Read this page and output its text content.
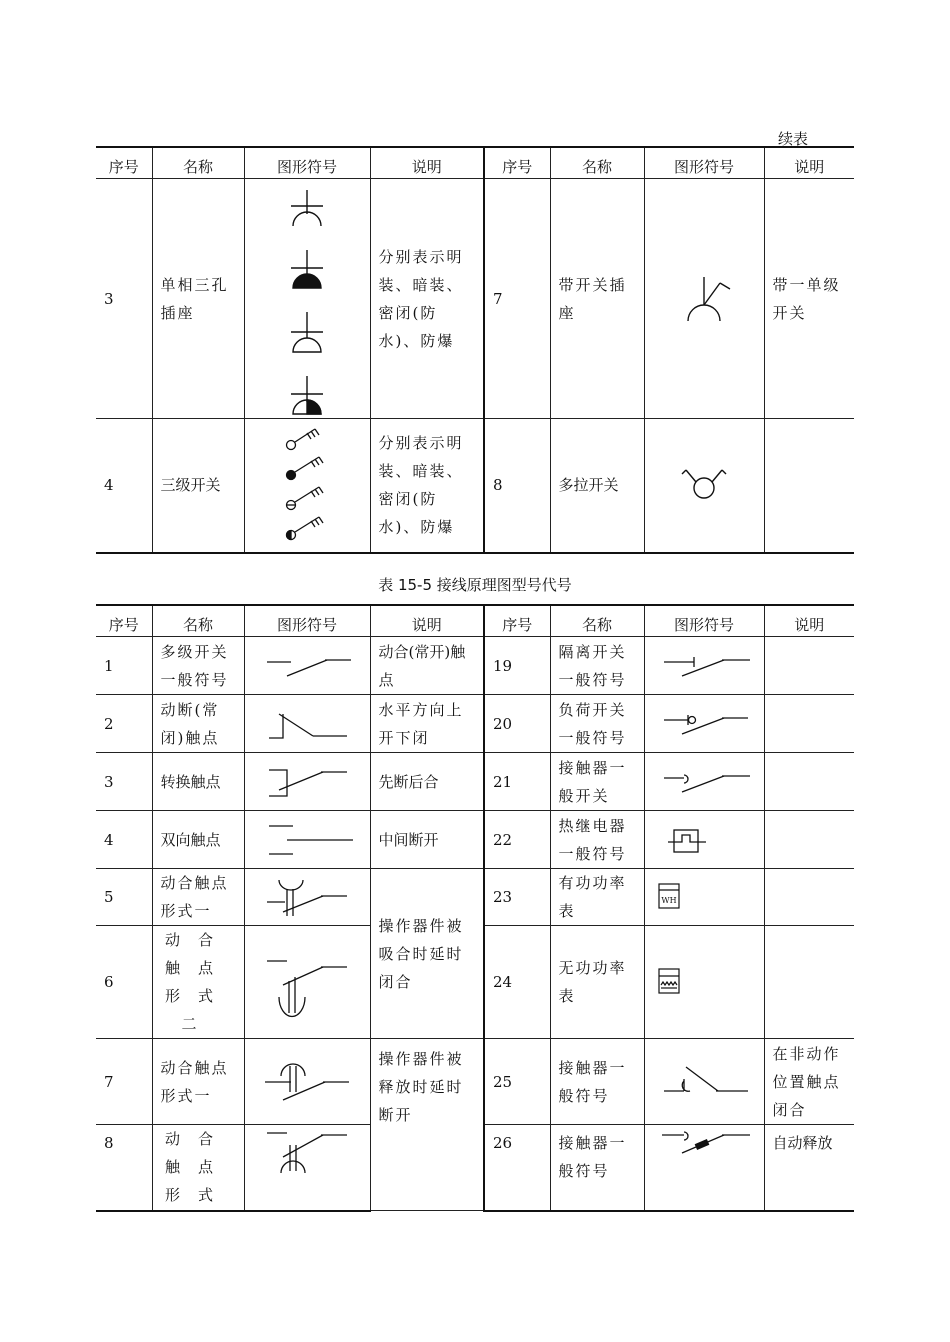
续表
序号	名称	图形符号	说明	序号	名称	图形符号	说明
3	单相三孔插座		分别表示明装、暗装、密闭(防水)、防爆	7	带开关插座		带一单级开关
4	三级开关		分别表示明装、暗装、密闭(防水)、防爆	8	多拉开关	

表 15-5 接线原理图型号代号
序号	名称	图形符号	说明	序号	名称	图形符号	说明
1	多级开关一般符号		动合(常开)触点	19	隔离开关一般符号	

2	动断(常闭)触点		水平方向上开下闭	20	负荷开关一般符号	

3	转换触点		先断后合	21	接触器一般开关	

4	双向触点		中间断开	22	热继电器一般符号	

5	动合触点形式一		操作器件被吸合时延时闭合	23	有功功率表	WH	

6	动合触点形式二			24	无功功率表	

7	动合触点形式一		操作器件被释放时延时断开	25	接触器一般符号		在非动作位置触点闭合
8	动合触点形式			26	接触器一般符号		自动释放
